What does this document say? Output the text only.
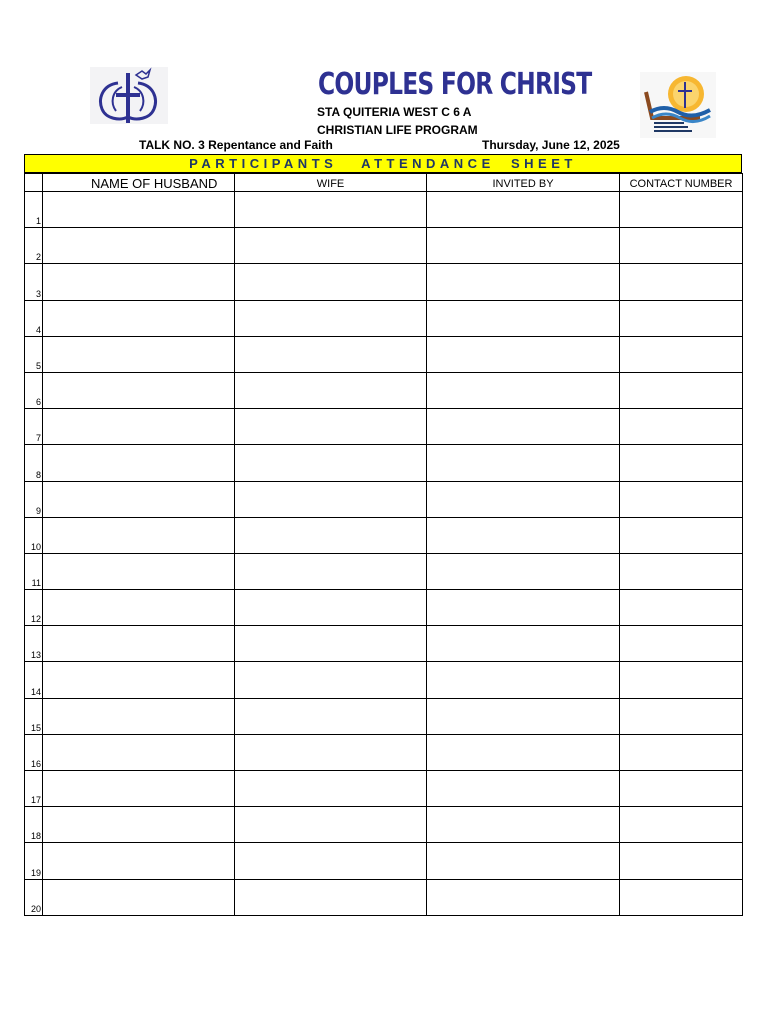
COUPLES FOR CHRIST
STA QUITERIA WEST C 6 A
CHRISTIAN LIFE PROGRAM
TALK NO. 3 Repentance and Faith	Thursday, June 12, 2025
PARTICIPANTS   ATTENDANCE  SHEET
	NAME OF HUSBAND	WIFE	INVITED BY	CONTACT NUMBER
1				
2				
3				
4				
5				
6				
7				
8				
9				
10				
11				
12				
13				
14				
15				
16				
17				
18				
19				
20				
